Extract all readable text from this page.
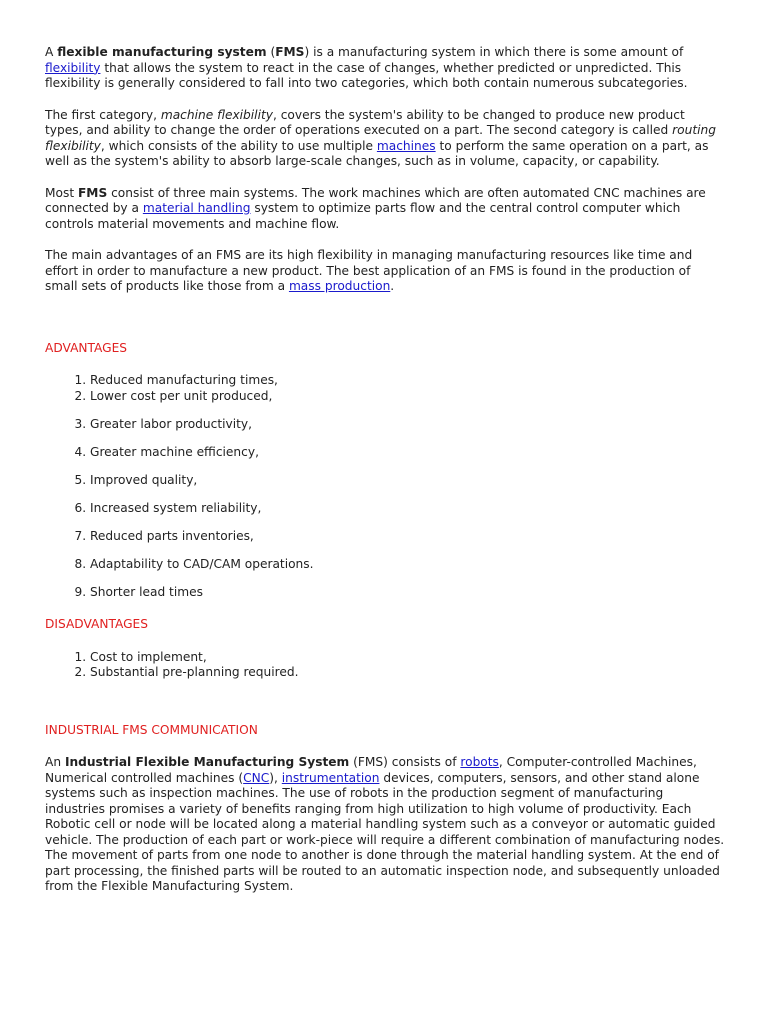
A flexible manufacturing system (FMS) is a manufacturing system in which there is some amount of flexibility that allows the system to react in the case of changes, whether predicted or unpredicted. This flexibility is generally considered to fall into two categories, which both contain numerous subcategories.

The first category, machine flexibility, covers the system's ability to be changed to produce new product types, and ability to change the order of operations executed on a part. The second category is called routing flexibility, which consists of the ability to use multiple machines to perform the same operation on a part, as well as the system's ability to absorb large-scale changes, such as in volume, capacity, or capability.

Most FMS consist of three main systems. The work machines which are often automated CNC machines are connected by a material handling system to optimize parts flow and the central control computer which controls material movements and machine flow.

The main advantages of an FMS are its high flexibility in managing manufacturing resources like time and effort in order to manufacture a new product. The best application of an FMS is found in the production of small sets of products like those from a mass production.

ADVANTAGES

1. Reduced manufacturing times,
2. Lower cost per unit produced,
3. Greater labor productivity,
4. Greater machine efficiency,
5. Improved quality,
6. Increased system reliability,
7. Reduced parts inventories,
8. Adaptability to CAD/CAM operations.
9. Shorter lead times

DISADVANTAGES

1. Cost to implement,
2. Substantial pre-planning required.

INDUSTRIAL FMS COMMUNICATION

An Industrial Flexible Manufacturing System (FMS) consists of robots, Computer-controlled Machines, Numerical controlled machines (CNC), instrumentation devices, computers, sensors, and other stand alone systems such as inspection machines. The use of robots in the production segment of manufacturing industries promises a variety of benefits ranging from high utilization to high volume of productivity. Each Robotic cell or node will be located along a material handling system such as a conveyor or automatic guided vehicle. The production of each part or work-piece will require a different combination of manufacturing nodes. The movement of parts from one node to another is done through the material handling system. At the end of part processing, the finished parts will be routed to an automatic inspection node, and subsequently unloaded from the Flexible Manufacturing System.
